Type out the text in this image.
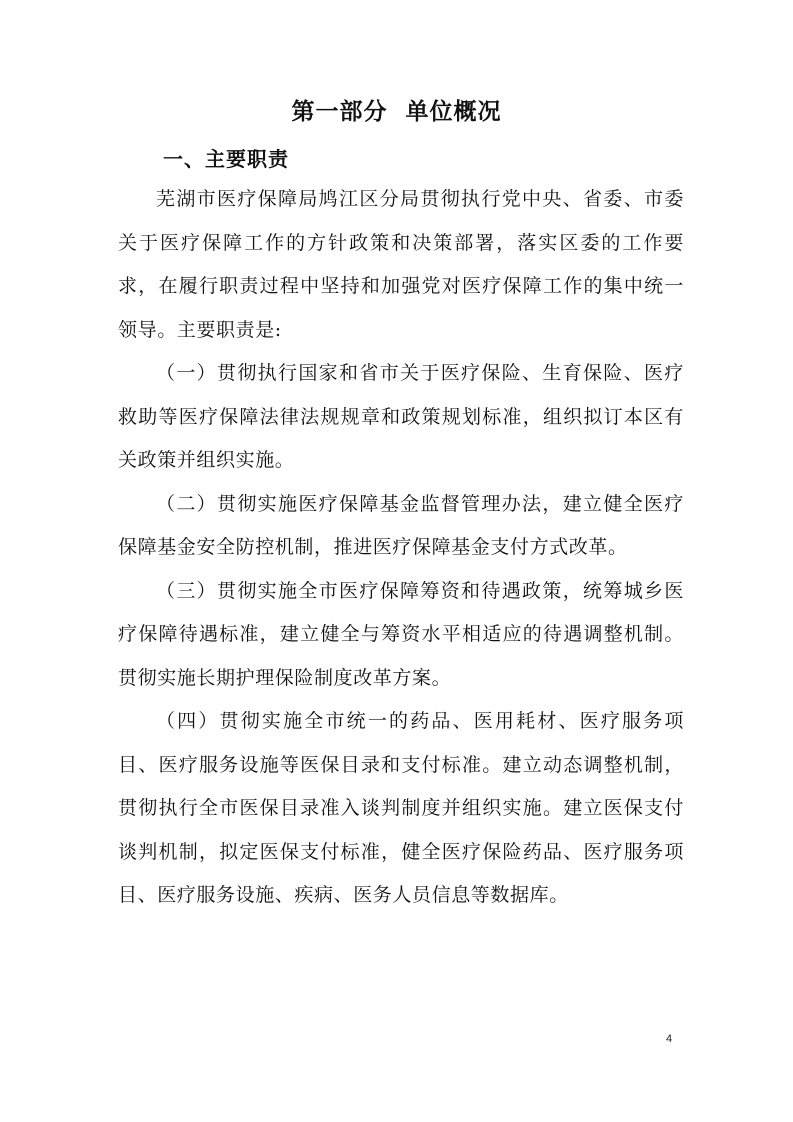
第一部分  单位概况
一、主要职责

芜湖市医疗保障局鸠江区分局贯彻执行党中央、省委、市委关于医疗保障工作的方针政策和决策部署，落实区委的工作要求，在履行职责过程中坚持和加强党对医疗保障工作的集中统一领导。主要职责是:

（一）贯彻执行国家和省市关于医疗保险、生育保险、医疗救助等医疗保障法律法规规章和政策规划标准，组织拟订本区有关政策并组织实施。

（二）贯彻实施医疗保障基金监督管理办法，建立健全医疗保障基金安全防控机制，推进医疗保障基金支付方式改革。

（三）贯彻实施全市医疗保障筹资和待遇政策，统筹城乡医疗保障待遇标准，建立健全与筹资水平相适应的待遇调整机制。贯彻实施长期护理保险制度改革方案。

（四）贯彻实施全市统一的药品、医用耗材、医疗服务项目、医疗服务设施等医保目录和支付标准。建立动态调整机制，贯彻执行全市医保目录准入谈判制度并组织实施。建立医保支付谈判机制，拟定医保支付标准，健全医疗保险药品、医疗服务项目、医疗服务设施、疾病、医务人员信息等数据库。

4
